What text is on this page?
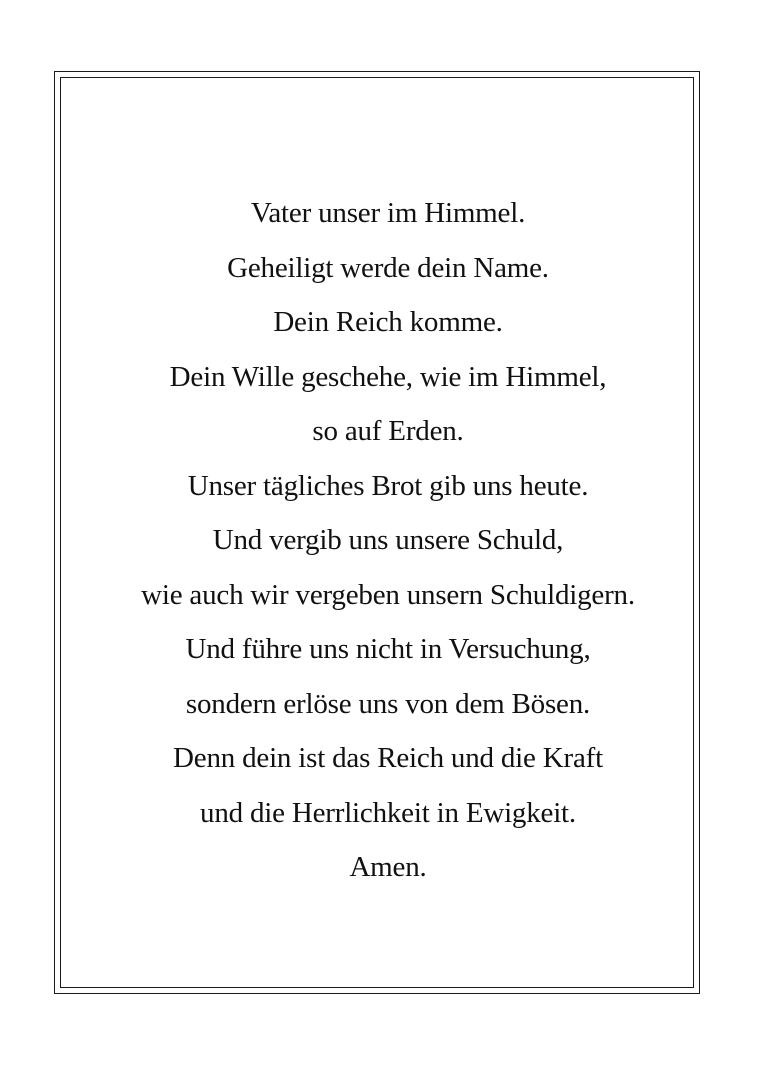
Vater unser im Himmel.
Geheiligt werde dein Name.
Dein Reich komme.
Dein Wille geschehe, wie im Himmel,
so auf Erden.
Unser tägliches Brot gib uns heute.
Und vergib uns unsere Schuld,
wie auch wir vergeben unsern Schuldigern.
Und führe uns nicht in Versuchung,
sondern erlöse uns von dem Bösen.
Denn dein ist das Reich und die Kraft
und die Herrlichkeit in Ewigkeit.
Amen.
